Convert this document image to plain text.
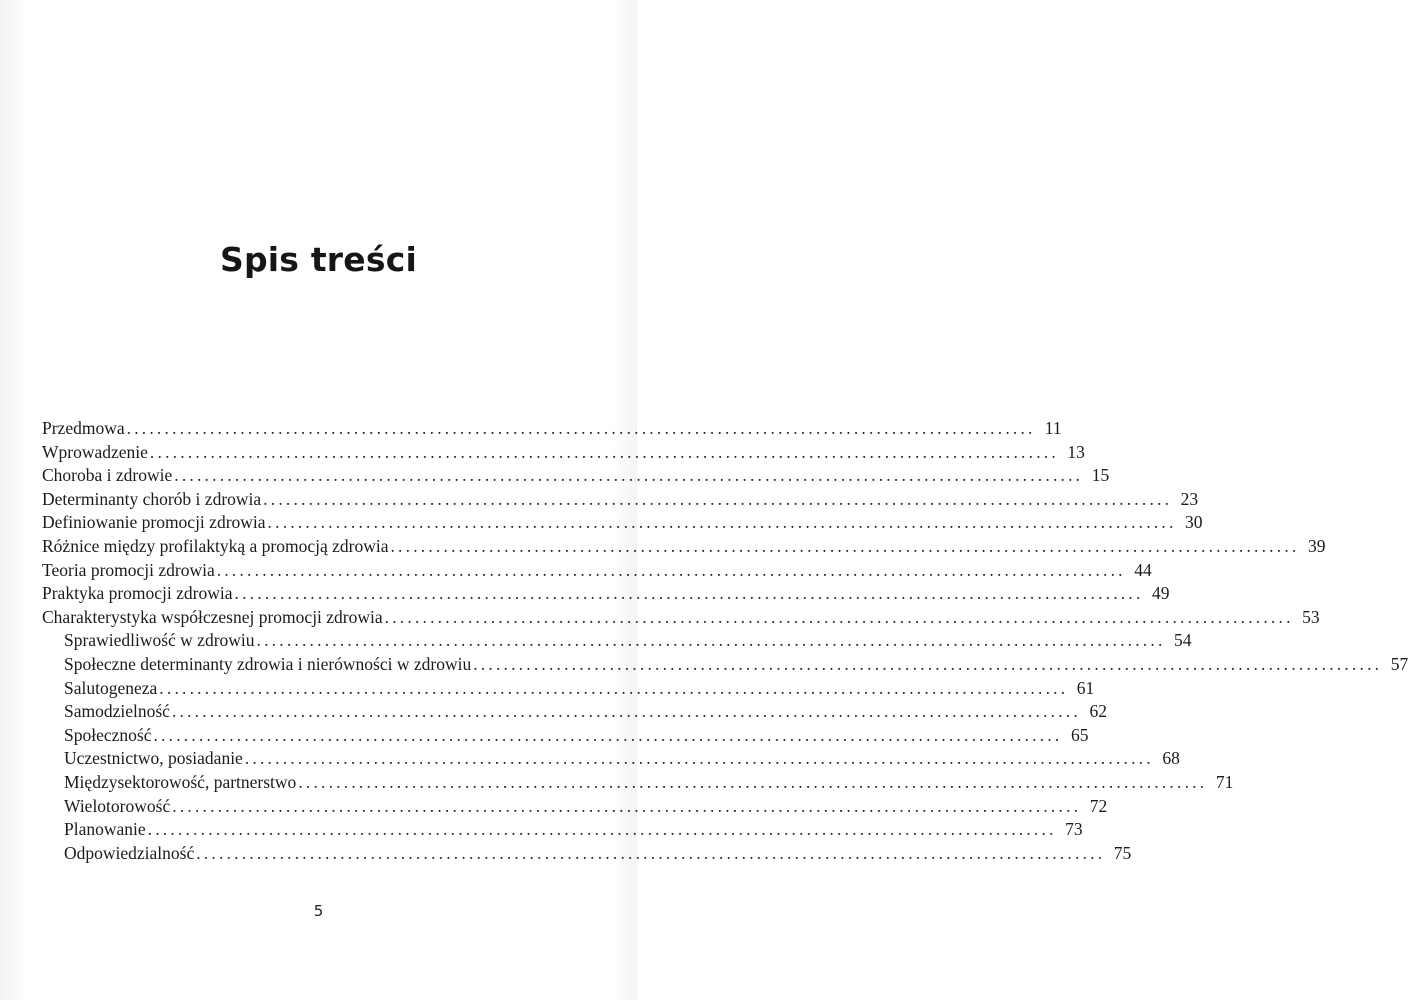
Spis treści
Przedmowa ........................................................................................................................ 11
Wprowadzenie ........................................................................................................................ 13
Choroba i zdrowie ........................................................................................................................ 15
Determinanty chorób i zdrowia ........................................................................................................................ 23
Definiowanie promocji zdrowia ........................................................................................................................ 30
Różnice między profilaktyką a promocją zdrowia ........................................................................................................................ 39
Teoria promocji zdrowia ........................................................................................................................ 44
Praktyka promocji zdrowia ........................................................................................................................ 49
Charakterystyka współczesnej promocji zdrowia ........................................................................................................................ 53
Sprawiedliwość w zdrowiu ........................................................................................................................ 54
Społeczne determinanty zdrowia i nierówności w zdrowiu ........................................................................................................................ 57
Salutogeneza ........................................................................................................................ 61
Samodzielność ........................................................................................................................ 62
Społeczność ........................................................................................................................ 65
Uczestnictwo, posiadanie ........................................................................................................................ 68
Międzysektorowość, partnerstwo ........................................................................................................................ 71
Wielotorowość ........................................................................................................................ 72
Planowanie ........................................................................................................................ 73
Odpowiedzialność ........................................................................................................................ 75
5
